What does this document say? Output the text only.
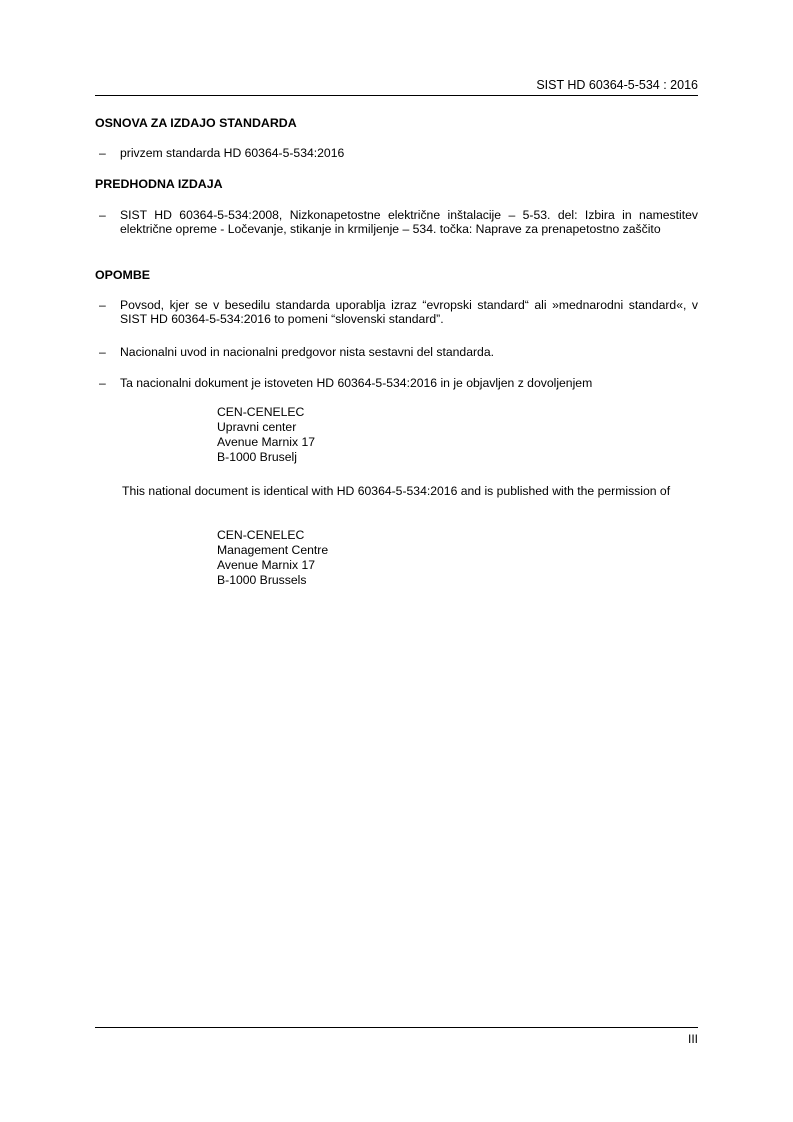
SIST HD 60364-5-534 : 2016
OSNOVA ZA IZDAJO STANDARDA
– privzem standarda HD 60364-5-534:2016
PREDHODNA IZDAJA
– SIST HD 60364-5-534:2008, Nizkonapetostne električne inštalacije – 5-53. del: Izbira in namestitev električne opreme - Ločevanje, stikanje in krmiljenje – 534. točka: Naprave za prenapetostno zaščito
OPOMBE
– Povsod, kjer se v besedilu standarda uporablja izraz “evropski standard“ ali »mednarodni standard«, v SIST HD 60364-5-534:2016 to pomeni “slovenski standard”.
– Nacionalni uvod in nacionalni predgovor nista sestavni del standarda.
– Ta nacionalni dokument je istoveten HD 60364-5-534:2016 in je objavljen z dovoljenjem
CEN-CENELEC
Upravni center
Avenue Marnix 17
B-1000 Bruselj
This national document is identical with HD 60364-5-534:2016 and is published with the permission of
CEN-CENELEC
Management Centre
Avenue Marnix 17
B-1000 Brussels
III
